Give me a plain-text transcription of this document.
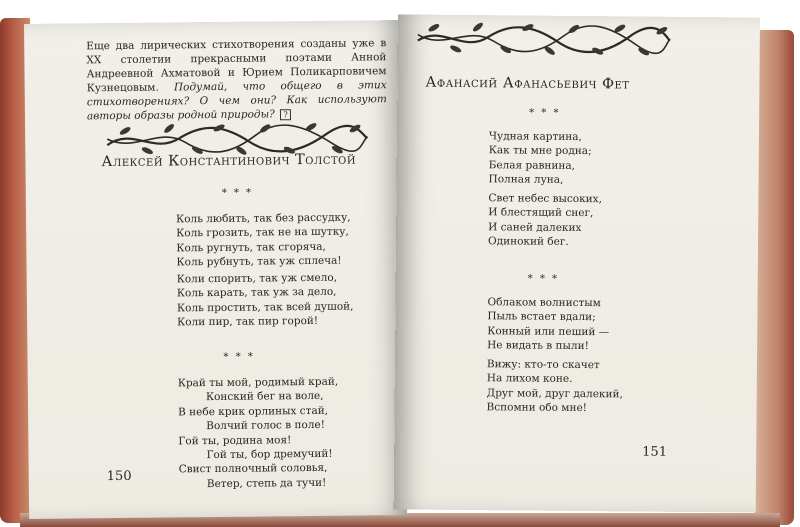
Еще два лирических стихотворения созданы уже в XX столетии прекрасными поэтами Анной Андреевной Ахматовой и Юрием Поликарповичем Кузнецовым. Подумай, что общего в этих стихотворениях? О чем они? Как используют авторы образы родной природы? ?
Алексей Константинович Толстой
* * *
Коль любить, так без рассудку,
Коль грозить, так не на шутку,
Коль ругнуть, так сгоряча,
Коль рубнуть, так уж сплеча!
Коли спорить, так уж смело,
Коль карать, так уж за дело,
Коль простить, так всей душой,
Коли пир, так пир горой!
* * *
Край ты мой, родимый край,
Конский бег на воле,
В небе крик орлиных стай,
Волчий голос в поле!
Гой ты, родина моя!
Гой ты, бор дремучий!
Свист полночный соловья,
Ветер, степь да тучи!
150
Афанасий Афанасьевич Фет
* * *
Чудная картина,
Как ты мне родна;
Белая равнина,
Полная луна,
Свет небес высоких,
И блестящий снег,
И саней далеких
Одинокий бег.
* * *
Облаком волнистым
Пыль встает вдали;
Конный или пеший —
Не видать в пыли!
Вижу: кто-то скачет
На лихом коне.
Друг мой, друг далекий,
Вспомни обо мне!
151
